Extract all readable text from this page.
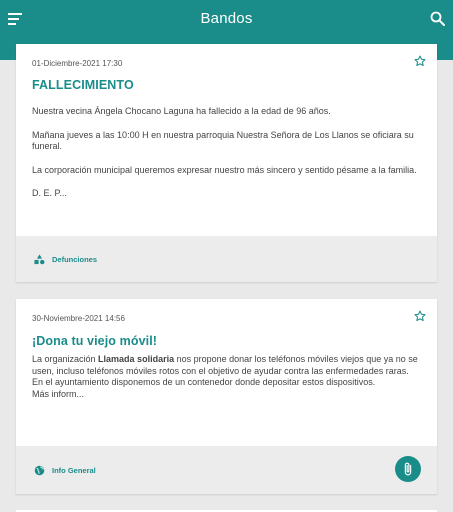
Bandos
01-Diciembre-2021 17:30
FALLECIMIENTO
Nuestra vecina Ángela Chocano Laguna ha fallecido a la edad de 96 años.
Mañana jueves a las 10:00 H en nuestra parroquia Nuestra Señora de Los Llanos se oficiara su funeral.
La corporación municipal queremos expresar nuestro más sincero y sentido pésame a la familia.
D. E. P...
Defunciones
30-Noviembre-2021 14:56
¡Dona tu viejo móvil!
La organización Llamada solidaria nos propone donar los teléfonos móviles viejos que ya no se usen, incluso teléfonos móviles rotos con el objetivo de ayudar contra las enfermedades raras.
En el ayuntamiento disponemos de un contenedor donde depositar estos dispositivos.
Más inform...
Info General
